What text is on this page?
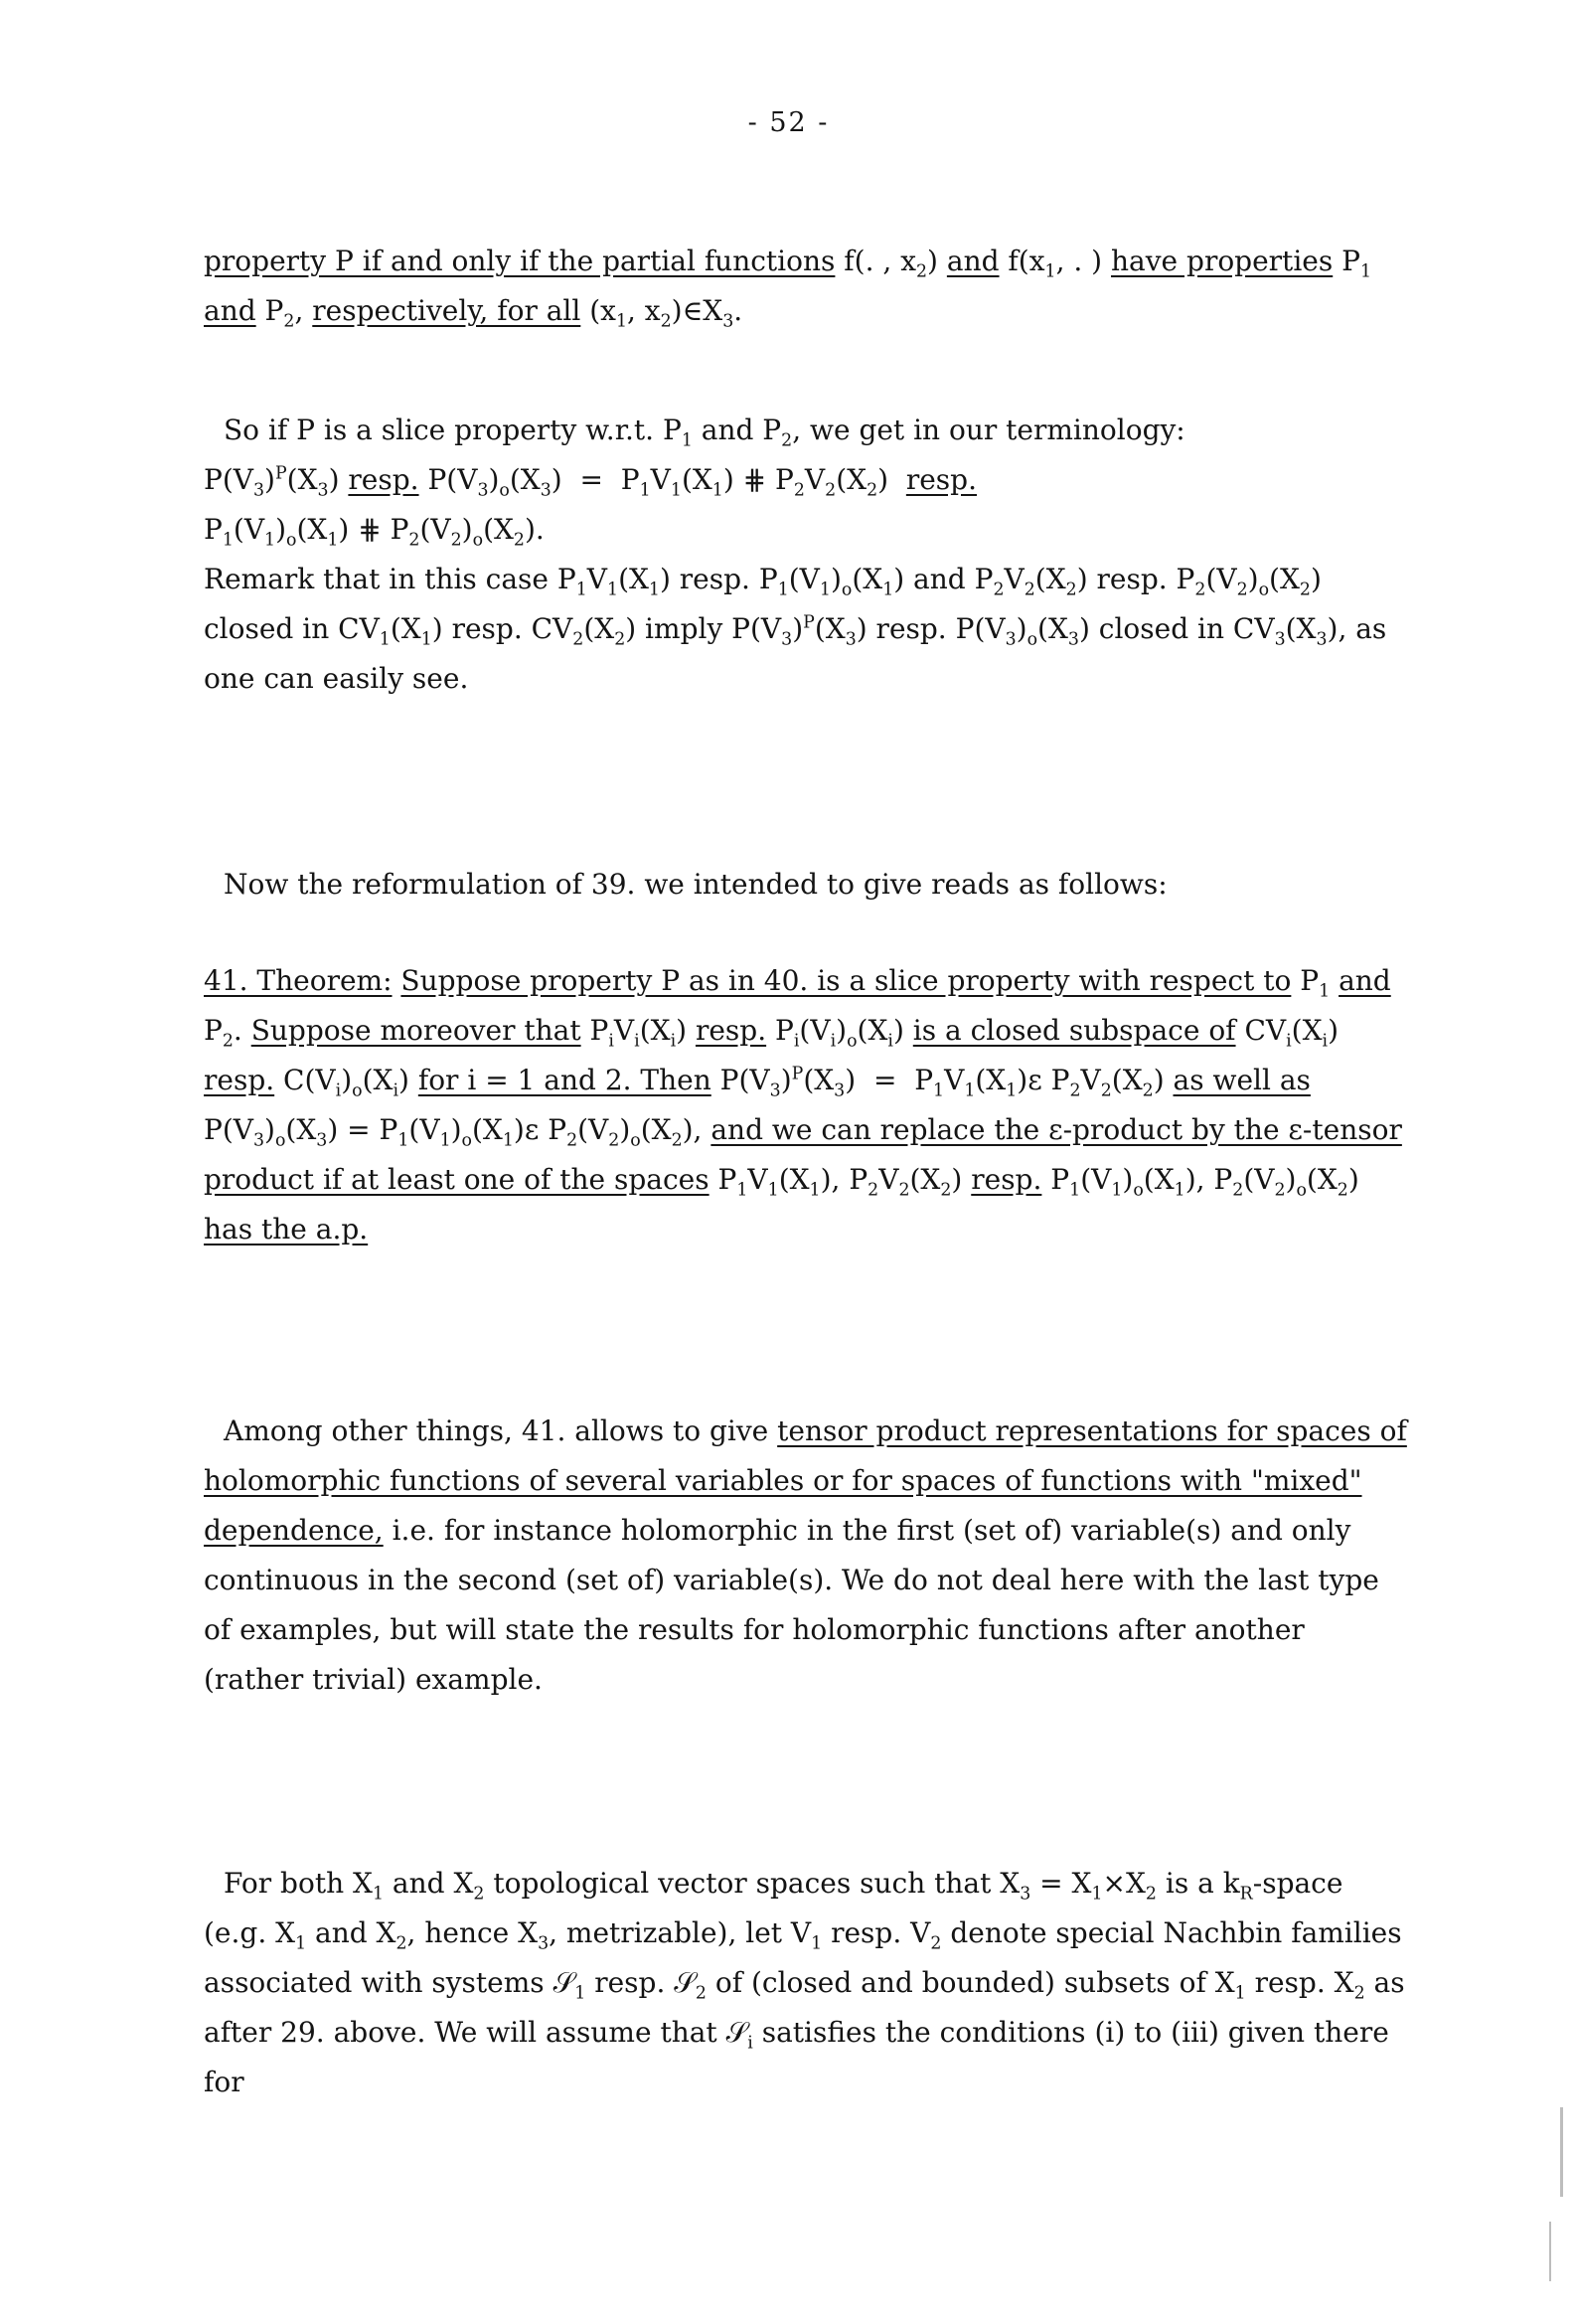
- 52 -

property P if and only if the partial functions f(. , $x_2$) and $f(x_1$, . ) have properties $P_1$ and $P_2$, respectively, for all ($x_1$, $x_2)\in X_3$.

So if P is a slice property w.r.t. $P_1$ and $P_2$, we get in our terminology:

$P(V_3)^P(X_3)$ resp. $P(V_3)_o(X_3) = P_1V_1(X_1)$ ⋕ $P_2V_2(X_2)$  resp.

$P_1(V_1)_o(X_1)$ ⋕ $P_2(V_2)_o(X_2)$.

Remark that in this case $P_1V_1(X_1)$ resp. $P_1(V_1)_o(X_1)$ and $P_2V_2(X_2)$ resp. $P_2(V_2)_o(X_2)$ closed in $CV_1(X_1)$ resp. $CV_2(X_2)$ imply $P(V_3)^P(X_3)$ resp. $P(V_3)_o(X_3)$ closed in $CV_3(X_3)$, as one can easily see.

Now the reformulation of 39. we intended to give reads as follows:

41. Theorem: Suppose property P as in 40. is a slice property with respect to $P_1$ and $P_2$. Suppose moreover that $P_iV_i(X_i)$ resp. $P_i(V_i)_o(X_i)$ is a closed subspace of $CV_i(X_i)$ resp. $C(V_i)_o(X_i)$ for i = 1 and 2. Then $P(V_3)^P(X_3) = P_1V_1(X_1)\varepsilon$ $P_2V_2(X_2)$ as well as $P(V_3)_o(X_3) = P_1(V_1)_o(X_1)\varepsilon$ $P_2(V_2)_o(X_2)$, and we can replace the ε-product by the ε-tensor product if at least one of the spaces $P_1V_1(X_1)$, $P_2V_2(X_2)$ resp. $P_1(V_1)_o(X_1)$, $P_2(V_2)_o(X_2)$ has the a.p.

Among other things, 41. allows to give tensor product representations for spaces of holomorphic functions of several variables or for spaces of functions with "mixed" dependence, i.e. for instance holomorphic in the first (set of) variable(s) and only continuous in the second (set of) variable(s). We do not deal here with the last type of examples, but will state the results for holomorphic functions after another (rather trivial) example.

For both $X_1$ and $X_2$ topological vector spaces such that $X_3 = X_1\times X_2$ is a $k_R$-space (e.g. $X_1$ and $X_2$, hence $X_3$, metrizable), let $V_1$ resp. $V_2$ denote special Nachbin families associated with systems 𝒮$_1$ resp. 𝒮$_2$ of (closed and bounded) subsets of $X_1$ resp. $X_2$ as after 29. above. We will assume that 𝒮$_i$ satisfies the conditions (i) to (iii) given there for
